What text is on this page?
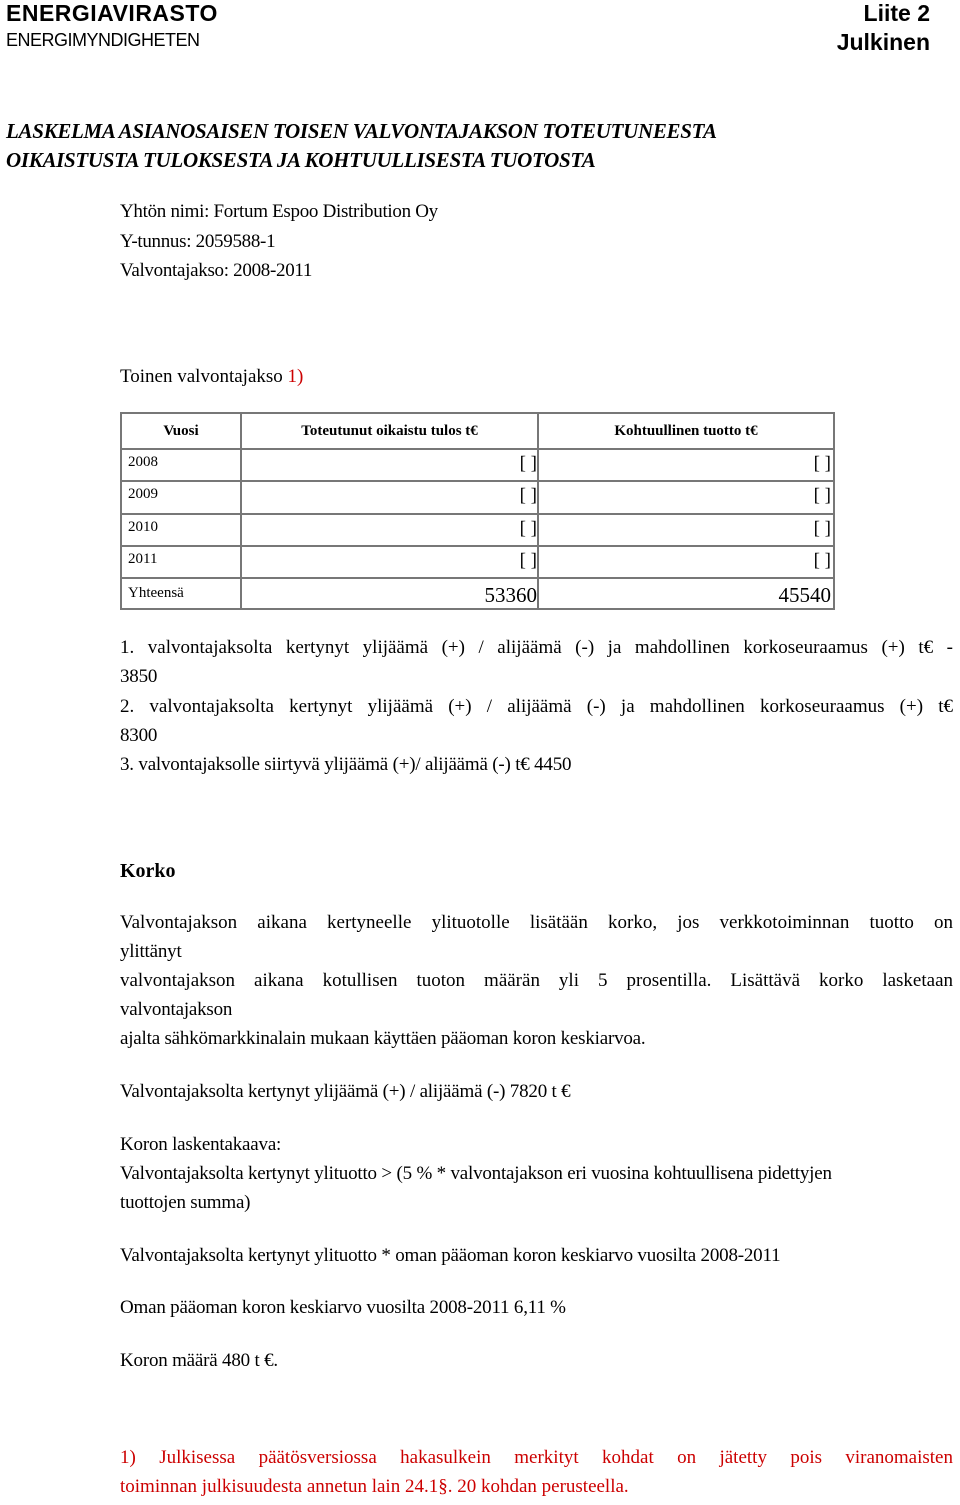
ENERGIAVIRASTO
ENERGIMYNDIGHETEN
Liite 2
Julkinen
LASKELMA ASIANOSAISEN TOISEN VALVONTAJAKSON TOTEUTUNEESTA
OIKAISTUSTA TULOKSESTA JA KOHTUULLISESTA TUOTOSTA
Yhtön nimi: Fortum Espoo Distribution Oy
Y-tunnus: 2059588-1
Valvontajakso: 2008-2011
Toinen valvontajakso 1)
Vuosi	Toteutunut oikaistu tulos t€	Kohtuullinen tuotto t€
2008	[ ]	[ ]
2009	[ ]	[ ]
2010	[ ]	[ ]
2011	[ ]	[ ]
Yhteensä	53360	45540
1. valvontajaksolta kertynyt ylijäämä (+) / alijäämä (-) ja mahdollinen korkoseuraamus (+) t€ -
3850
2. valvontajaksolta kertynyt ylijäämä (+) / alijäämä (-) ja mahdollinen korkoseuraamus (+) t€
8300
3. valvontajaksolle siirtyvä ylijäämä (+)/ alijäämä (-) t€ 4450
Korko
Valvontajakson aikana kertyneelle ylituotolle lisätään korko, jos verkkotoiminnan tuotto on
ylittänyt
valvontajakson aikana kotullisen tuoton määrän yli 5 prosentilla. Lisättävä korko lasketaan
valvontajakson
ajalta sähkömarkkinalain mukaan käyttäen pääoman koron keskiarvoa.
Valvontajaksolta kertynyt ylijäämä (+) / alijäämä (-) 7820 t €
Koron laskentakaava:
Valvontajaksolta kertynyt ylituotto > (5 % * valvontajakson eri vuosina kohtuullisena pidettyjen
tuottojen summa)
Valvontajaksolta kertynyt ylituotto * oman pääoman koron keskiarvo vuosilta 2008-2011
Oman pääoman koron keskiarvo vuosilta 2008-2011 6,11 %
Koron määrä 480 t €.
1) Julkisessa päätösversiossa hakasulkein merkityt kohdat on jätetty pois viranomaisten
toiminnan julkisuudesta annetun lain 24.1§. 20 kohdan perusteella.
